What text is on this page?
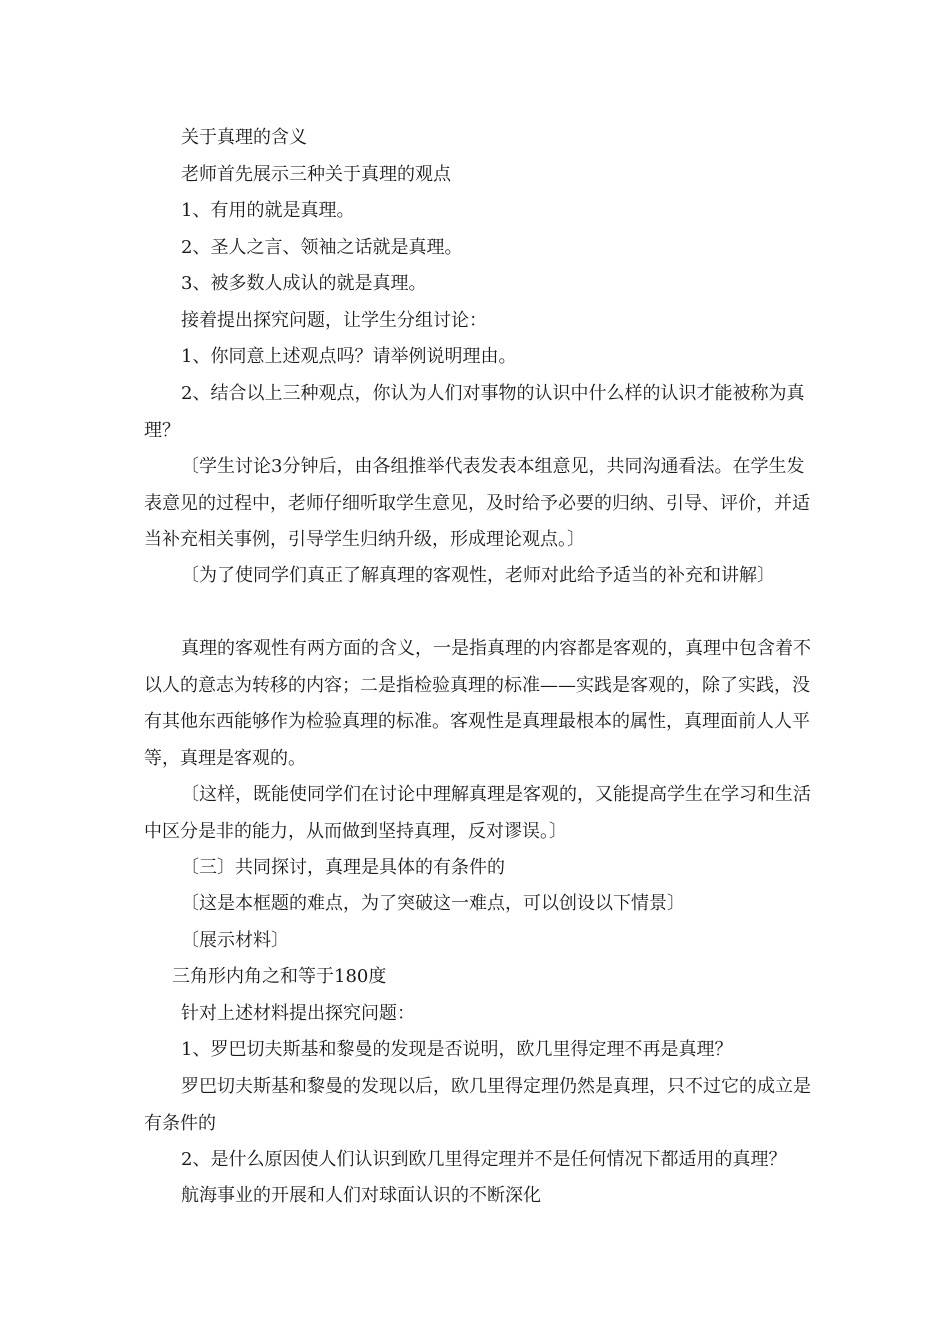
关于真理的含义

老师首先展示三种关于真理的观点

1、有用的就是真理。

2、圣人之言、领袖之话就是真理。

3、被多数人成认的就是真理。

接着提出探究问题，让学生分组讨论：

1、你同意上述观点吗？请举例说明理由。

2、结合以上三种观点，你认为人们对事物的认识中什么样的认识才能被称为真理？

〔学生讨论3分钟后，由各组推举代表发表本组意见，共同沟通看法。在学生发表意见的过程中，老师仔细听取学生意见，及时给予必要的归纳、引导、评价，并适当补充相关事例，引导学生归纳升级，形成理论观点。〕

〔为了使同学们真正了解真理的客观性，老师对此给予适当的补充和讲解〕

真理的客观性有两方面的含义，一是指真理的内容都是客观的，真理中包含着不以人的意志为转移的内容；二是指检验真理的标准——实践是客观的，除了实践，没有其他东西能够作为检验真理的标准。客观性是真理最根本的属性，真理面前人人平等，真理是客观的。

〔这样，既能使同学们在讨论中理解真理是客观的，又能提高学生在学习和生活中区分是非的能力，从而做到坚持真理，反对谬误。〕

〔三〕共同探讨，真理是具体的有条件的

〔这是本框题的难点，为了突破这一难点，可以创设以下情景〕

〔展示材料〕

三角形内角之和等于180度

针对上述材料提出探究问题：

1、罗巴切夫斯基和黎曼的发现是否说明，欧几里得定理不再是真理？

罗巴切夫斯基和黎曼的发现以后，欧几里得定理仍然是真理，只不过它的成立是有条件的

2、是什么原因使人们认识到欧几里得定理并不是任何情况下都适用的真理？

航海事业的开展和人们对球面认识的不断深化
